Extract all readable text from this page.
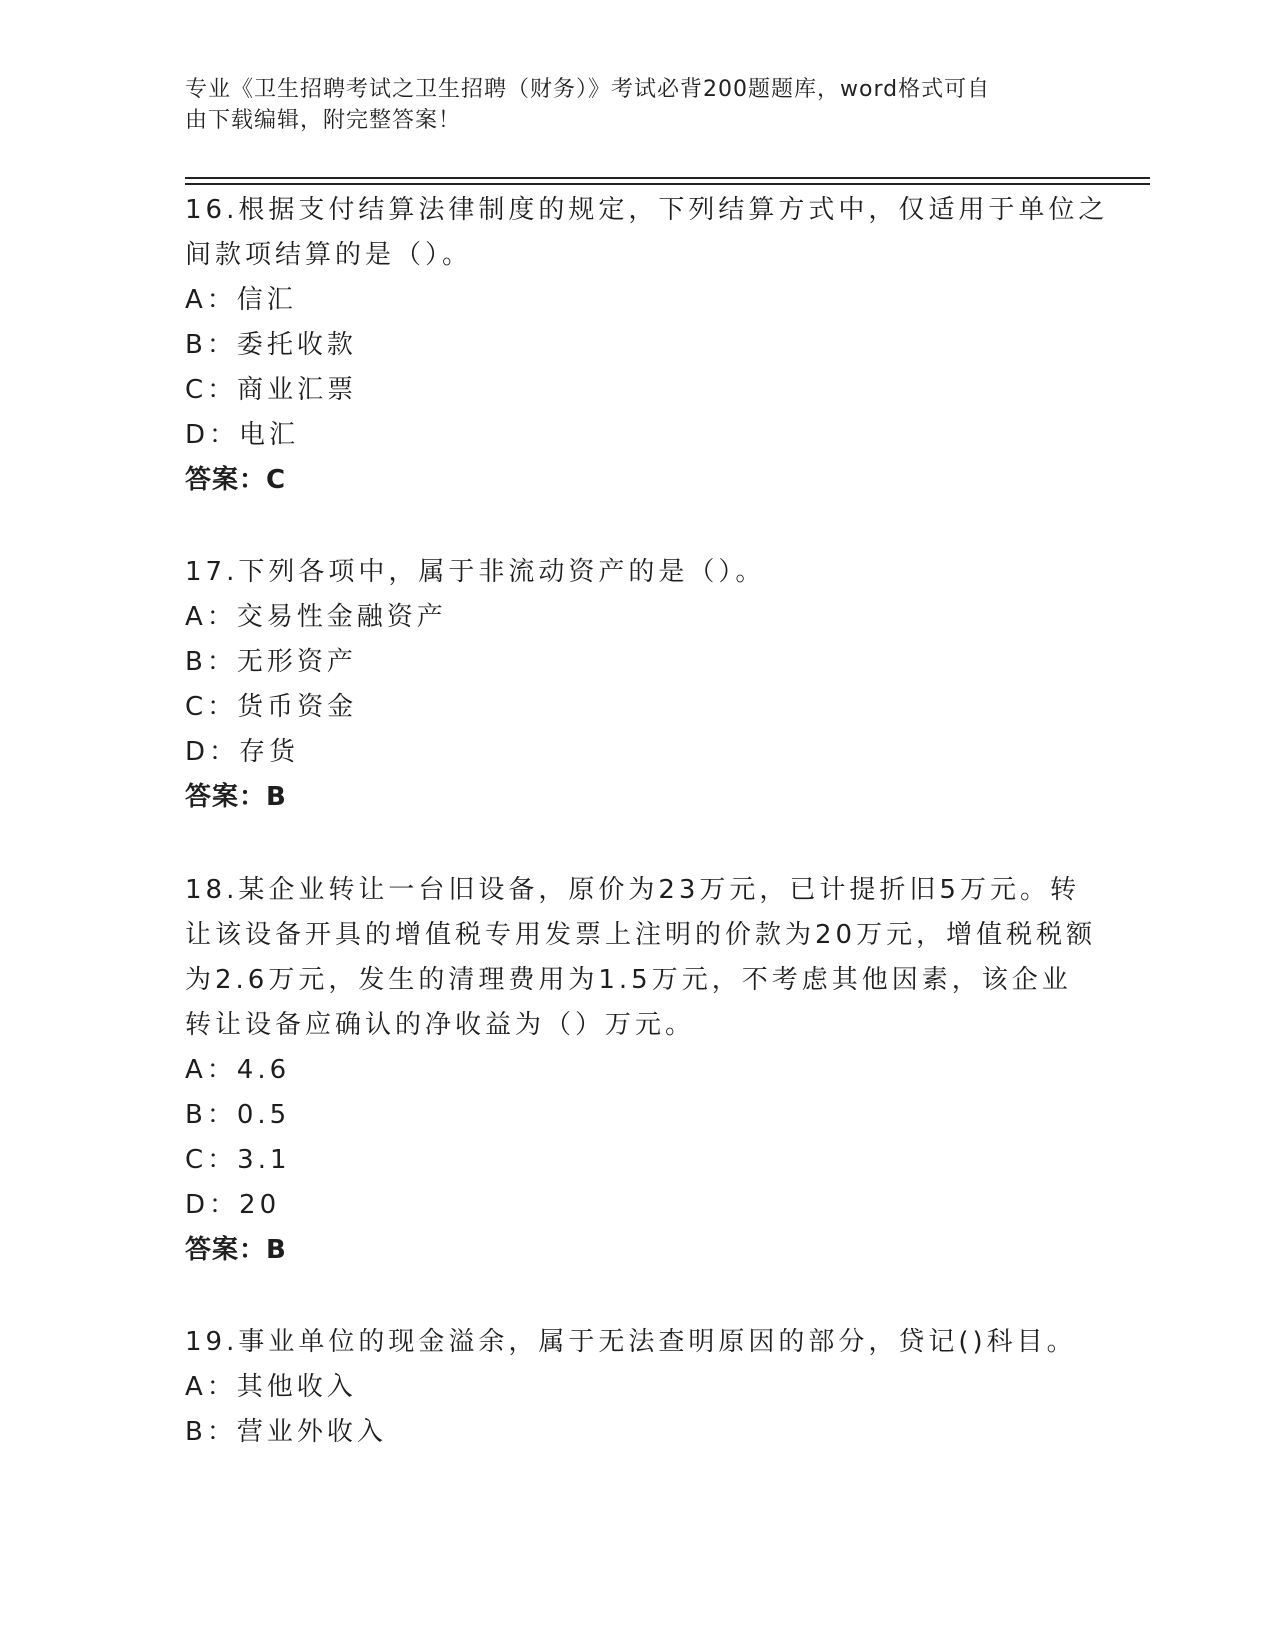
专业《卫生招聘考试之卫生招聘（财务）》考试必背200题题库，word格式可自
由下载编辑，附完整答案！
16.根据支付结算法律制度的规定，下列结算方式中，仅适用于单位之
间款项结算的是（）。
A：信汇
B：委托收款
C：商业汇票
D：电汇
答案：C
17.下列各项中，属于非流动资产的是（）。
A：交易性金融资产
B：无形资产
C：货币资金
D：存货
答案：B
18.某企业转让一台旧设备，原价为23万元，已计提折旧5万元。转
让该设备开具的增值税专用发票上注明的价款为20万元，增值税税额
为2.6万元，发生的清理费用为1.5万元，不考虑其他因素，该企业
转让设备应确认的净收益为（）万元。
A：4.6
B：0.5
C：3.1
D：20
答案：B
19.事业单位的现金溢余，属于无法查明原因的部分，贷记()科目。
A：其他收入
B：营业外收入
